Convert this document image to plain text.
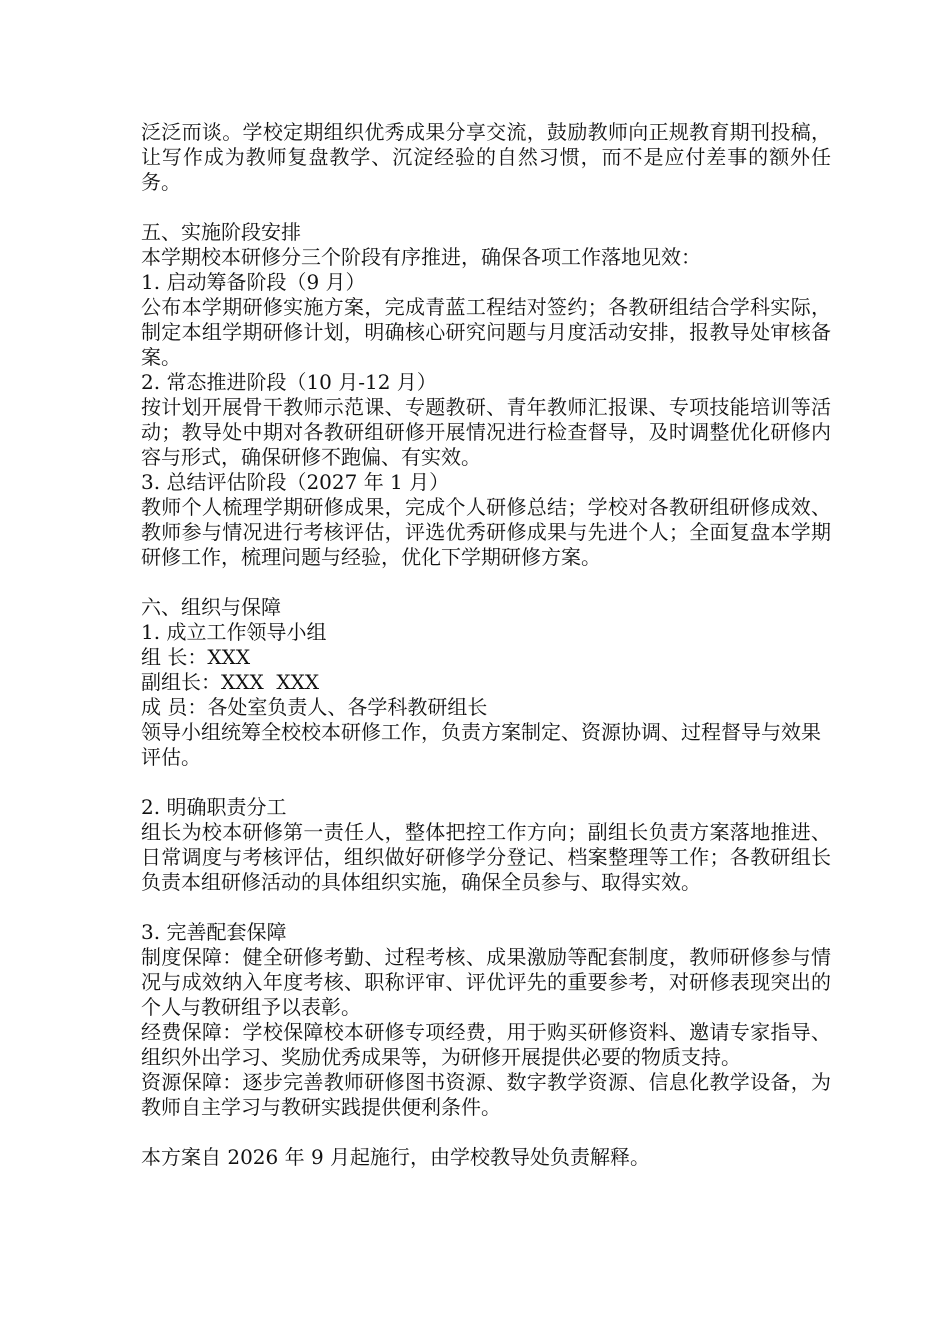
泛泛而谈。学校定期组织优秀成果分享交流，鼓励教师向正规教育期刊投稿，让写作成为教师复盘教学、沉淀经验的自然习惯，而不是应付差事的额外任务。

五、实施阶段安排

本学期校本研修分三个阶段有序推进，确保各项工作落地见效：

1. 启动筹备阶段（9 月）

公布本学期研修实施方案，完成青蓝工程结对签约；各教研组结合学科实际，制定本组学期研修计划，明确核心研究问题与月度活动安排，报教导处审核备案。

2. 常态推进阶段（10 月-12 月）

按计划开展骨干教师示范课、专题教研、青年教师汇报课、专项技能培训等活动；教导处中期对各教研组研修开展情况进行检查督导，及时调整优化研修内容与形式，确保研修不跑偏、有实效。

3. 总结评估阶段（2027 年 1 月）

教师个人梳理学期研修成果，完成个人研修总结；学校对各教研组研修成效、教师参与情况进行考核评估，评选优秀研修成果与先进个人；全面复盘本学期研修工作，梳理问题与经验，优化下学期研修方案。

六、组织与保障

1. 成立工作领导小组

组 长：XXX

副组长：XXX  XXX

成 员：各处室负责人、各学科教研组长

领导小组统筹全校校本研修工作，负责方案制定、资源协调、过程督导与效果评估。

2. 明确职责分工

组长为校本研修第一责任人，整体把控工作方向；副组长负责方案落地推进、日常调度与考核评估，组织做好研修学分登记、档案整理等工作；各教研组长负责本组研修活动的具体组织实施，确保全员参与、取得实效。

3. 完善配套保障

制度保障：健全研修考勤、过程考核、成果激励等配套制度，教师研修参与情况与成效纳入年度考核、职称评审、评优评先的重要参考，对研修表现突出的个人与教研组予以表彰。

经费保障：学校保障校本研修专项经费，用于购买研修资料、邀请专家指导、组织外出学习、奖励优秀成果等，为研修开展提供必要的物质支持。

资源保障：逐步完善教师研修图书资源、数字教学资源、信息化教学设备，为教师自主学习与教研实践提供便利条件。

本方案自 2026 年 9 月起施行，由学校教导处负责解释。
